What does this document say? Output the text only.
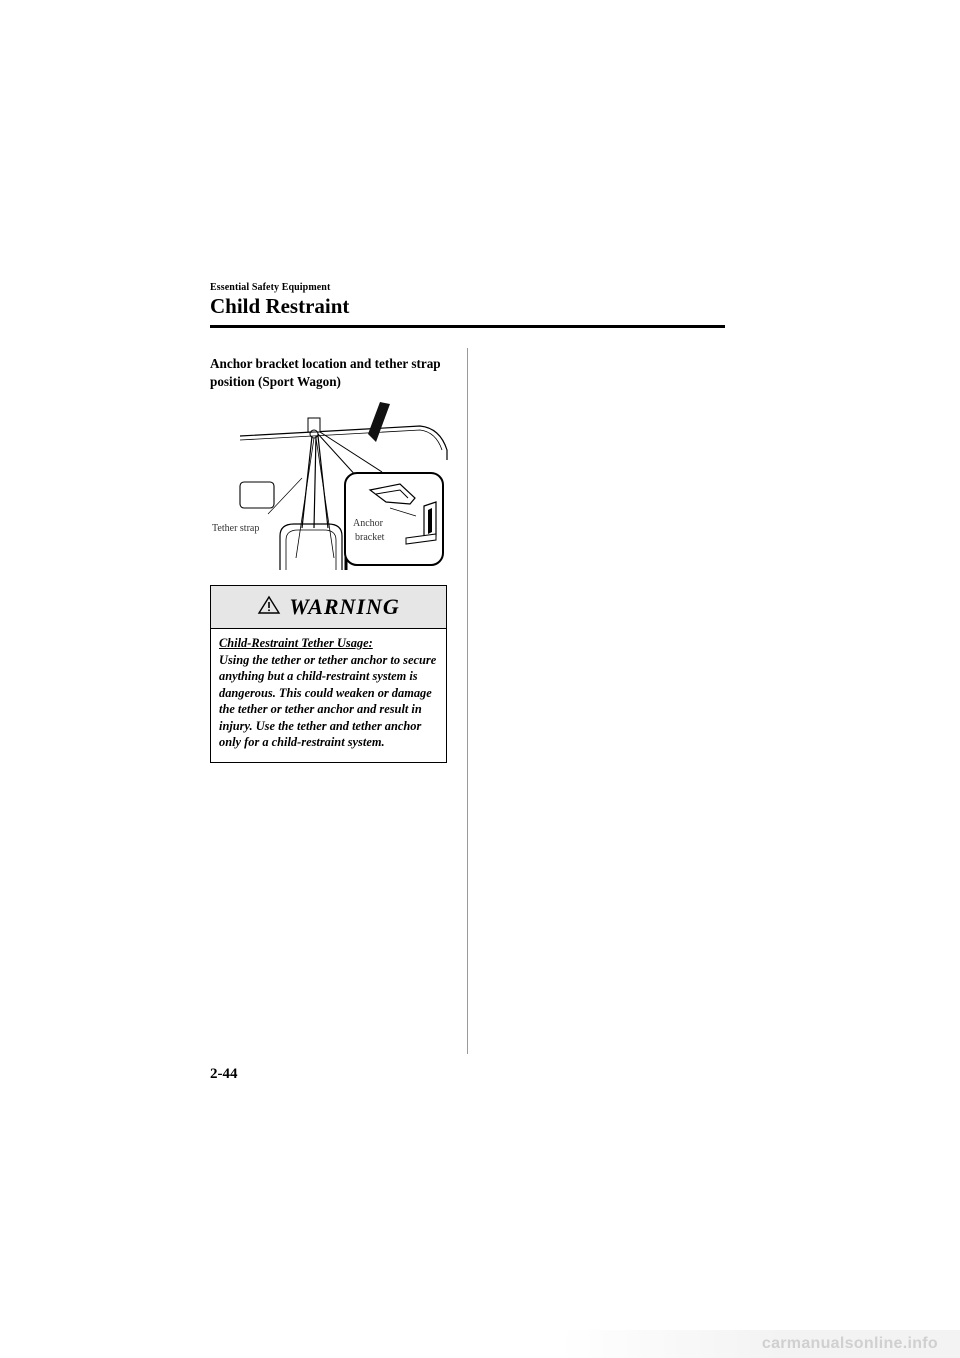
Essential Safety Equipment
Child Restraint
Anchor bracket location and tether strap position (Sport Wagon)
Tether strap	Anchor
bracket
WARNING
Child-Restraint Tether Usage:
Using the tether or tether anchor to secure anything but a child-restraint system is dangerous. This could weaken or damage the tether or tether anchor and result in injury. Use the tether and tether anchor only for a child-restraint system.
2-44
carmanualsonline.info
